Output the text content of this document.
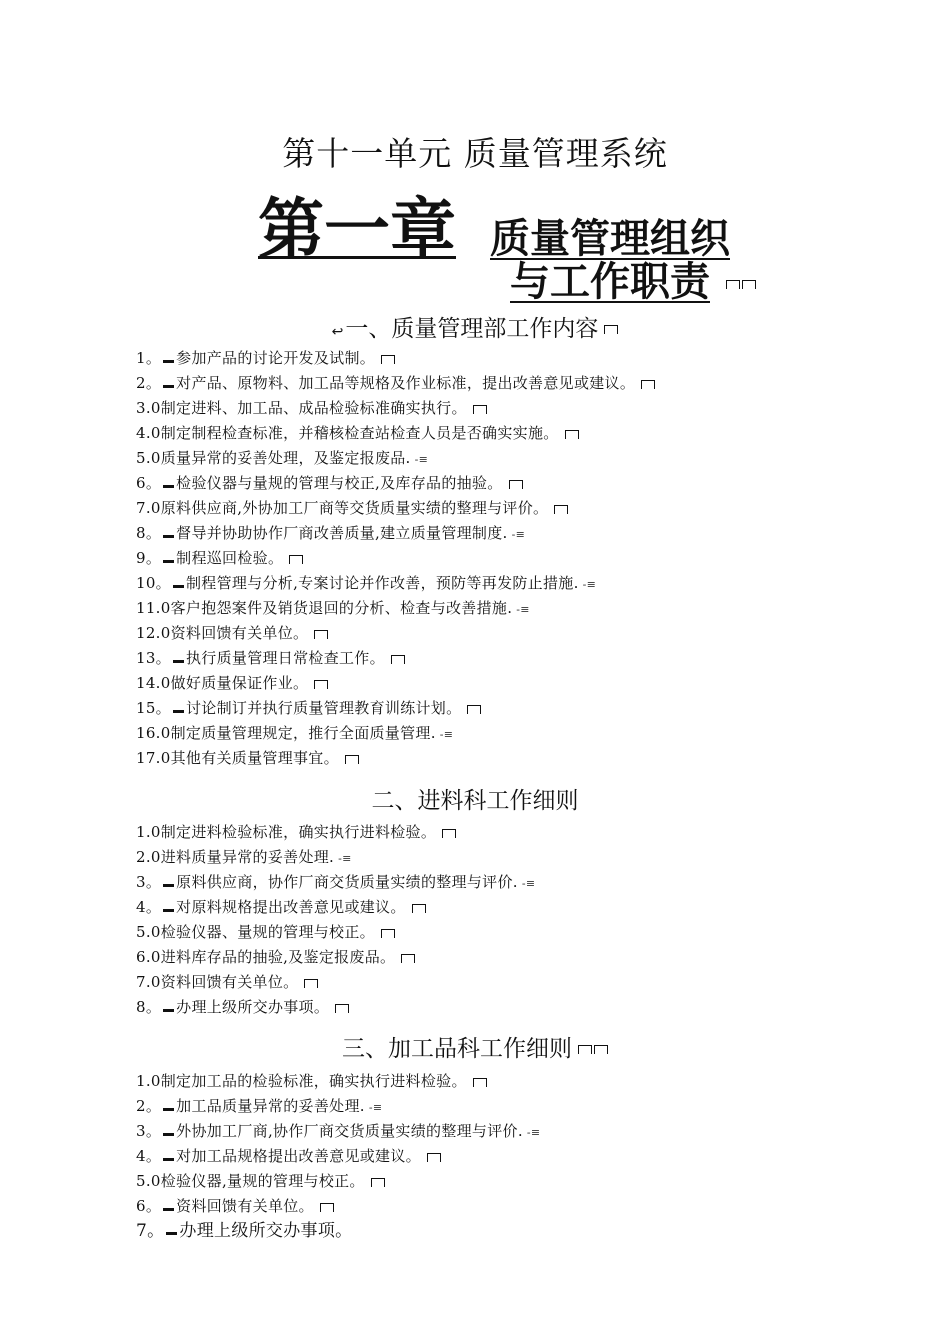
第十一单元 质量管理系统
第一章 质量管理组织
与工作职责
↩一、质量管理部工作内容
1。 参加产品的讨论开发及试制。
2。 对产品、原物料、加工品等规格及作业标准，提出改善意见或建议。
3.0制定进料、加工品、成品检验标准确实执行。
4.0制定制程检查标准，并稽核检查站检查人员是否确实实施。
5.0质量异常的妥善处理，及鉴定报废品. -≡
6。 检验仪器与量规的管理与校正,及库存品的抽验。
7.0原料供应商,外协加工厂商等交货质量实绩的整理与评价。
8。 督导并协助协作厂商改善质量,建立质量管理制度. -≡
9。 制程巡回检验。
10。 制程管理与分析,专案讨论并作改善，预防等再发防止措施. -≡
11.0客户抱怨案件及销货退回的分析、检查与改善措施. -≡
12.0资料回馈有关单位。
13。 执行质量管理日常检查工作。
14.0做好质量保证作业。
15。 讨论制订并执行质量管理教育训练计划。
16.0制定质量管理规定，推行全面质量管理. -≡
17.0其他有关质量管理事宜。
二、进料科工作细则
1.0制定进料检验标准，确实执行进料检验。
2.0进料质量异常的妥善处理. -≡
3。 原料供应商，协作厂商交货质量实绩的整理与评价. -≡
4。 对原料规格提出改善意见或建议。
5.0检验仪器、量规的管理与校正。
6.0进料库存品的抽验,及鉴定报废品。
7.0资料回馈有关单位。
8。 办理上级所交办事项。
三、加工品科工作细则
1.0制定加工品的检验标准，确实执行进料检验。
2。 加工品质量异常的妥善处理. -≡
3。 外协加工厂商,协作厂商交货质量实绩的整理与评价. -≡
4。 对加工品规格提出改善意见或建议。
5.0检验仪器,量规的管理与校正。
6。 资料回馈有关单位。
7。 办理上级所交办事项。
